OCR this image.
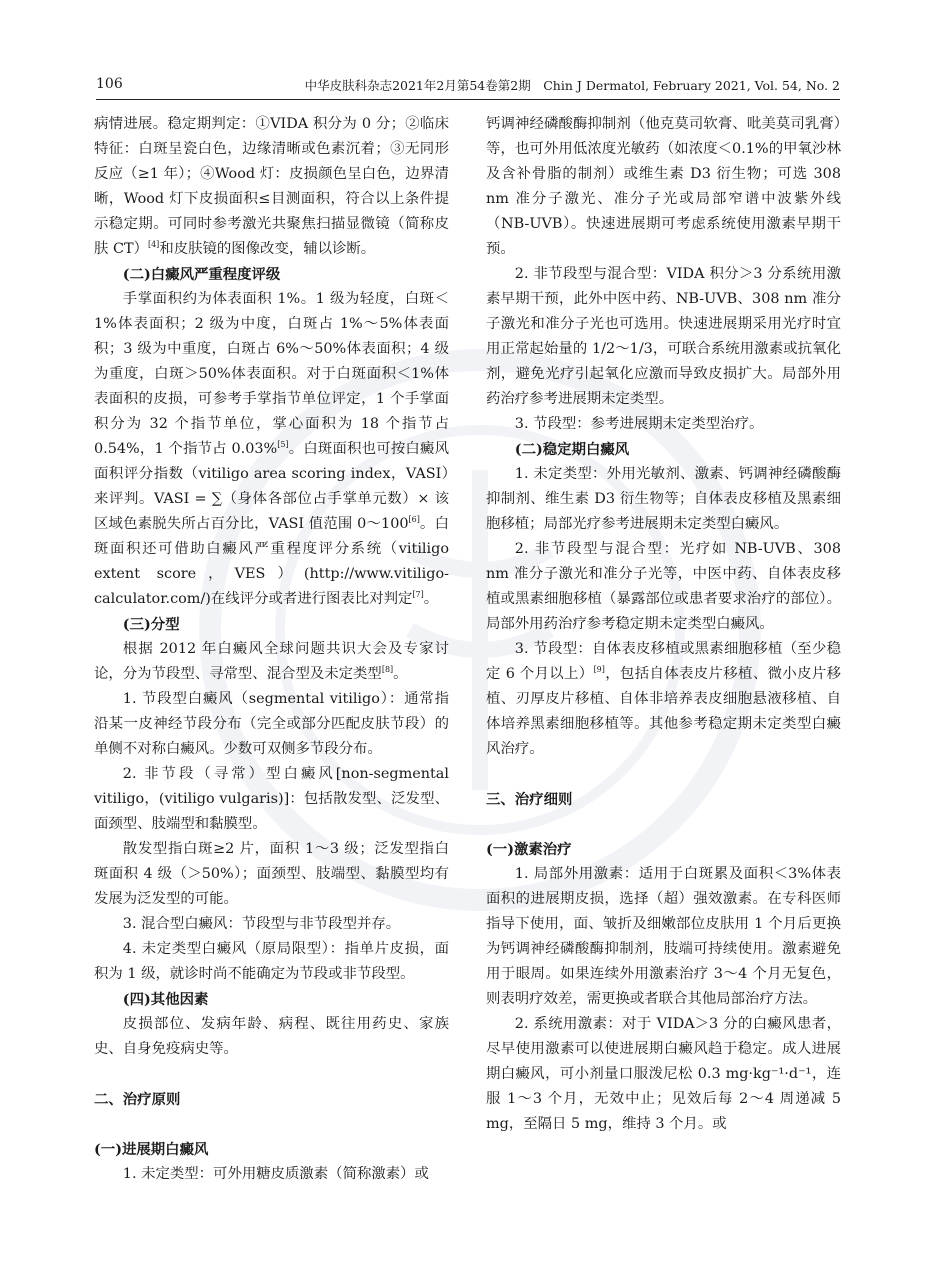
106	中华皮肤科杂志2021年2月第54卷第2期　Chin J Dermatol, February 2021, Vol. 54, No. 2

病情进展。稳定期判定：①VIDA 积分为 0 分；②临床特征：白斑呈瓷白色，边缘清晰或色素沉着；③无同形反应（≥1 年）；④Wood 灯：皮损颜色呈白色，边界清晰，Wood 灯下皮损面积≤目测面积，符合以上条件提示稳定期。可同时参考激光共聚焦扫描显微镜（简称皮肤 CT）[4]和皮肤镜的图像改变，辅以诊断。

(二)白癜风严重程度评级

手掌面积约为体表面积 1%。1 级为轻度，白斑＜1%体表面积；2 级为中度，白斑占 1%～5%体表面积；3 级为中重度，白斑占 6%～50%体表面积；4 级为重度，白斑＞50%体表面积。对于白斑面积＜1%体表面积的皮损，可参考手掌指节单位评定，1 个手掌面积分为 32 个指节单位，掌心面积为 18 个指节占 0.54%，1 个指节占 0.03%[5]。白斑面积也可按白癜风面积评分指数（vitiligo area scoring index，VASI）来评判。VASI = ∑（身体各部位占手掌单元数）× 该区域色素脱失所占百分比，VASI 值范围 0～100[6]。白斑面积还可借助白癜风严重程度评分系统（vitiligo extent score，VES）(http://www.vitiligo-calculator.com/)在线评分或者进行图表比对判定[7]。

(三)分型

根据 2012 年白癜风全球问题共识大会及专家讨论，分为节段型、寻常型、混合型及未定类型[8]。

1. 节段型白癜风（segmental vitiligo）：通常指沿某一皮神经节段分布（完全或部分匹配皮肤节段）的单侧不对称白癜风。少数可双侧多节段分布。

2. 非节段（寻常）型白癜风[non-segmental vitiligo，(vitiligo vulgaris)]：包括散发型、泛发型、面颈型、肢端型和黏膜型。

散发型指白斑≥2 片，面积 1～3 级；泛发型指白斑面积 4 级（＞50%）；面颈型、肢端型、黏膜型均有发展为泛发型的可能。

3. 混合型白癜风：节段型与非节段型并存。

4. 未定类型白癜风（原局限型）：指单片皮损，面积为 1 级，就诊时尚不能确定为节段或非节段型。

(四)其他因素

皮损部位、发病年龄、病程、既往用药史、家族史、自身免疫病史等。

二、治疗原则
(一)进展期白癜风

1. 未定类型：可外用糖皮质激素（简称激素）或

钙调神经磷酸酶抑制剂（他克莫司软膏、吡美莫司乳膏）等，也可外用低浓度光敏药（如浓度＜0.1%的甲氧沙林及含补骨脂的制剂）或维生素 D3 衍生物；可选 308 nm 准分子激光、准分子光或局部窄谱中波紫外线（NB-UVB）。快速进展期可考虑系统使用激素早期干预。

2. 非节段型与混合型：VIDA 积分＞3 分系统用激素早期干预，此外中医中药、NB-UVB、308 nm 准分子激光和准分子光也可选用。快速进展期采用光疗时宜用正常起始量的 1/2～1/3，可联合系统用激素或抗氧化剂，避免光疗引起氧化应激而导致皮损扩大。局部外用药治疗参考进展期未定类型。

3. 节段型：参考进展期未定类型治疗。

(二)稳定期白癜风

1. 未定类型：外用光敏剂、激素、钙调神经磷酸酶抑制剂、维生素 D3 衍生物等；自体表皮移植及黑素细胞移植；局部光疗参考进展期未定类型白癜风。

2. 非节段型与混合型：光疗如 NB-UVB、308 nm 准分子激光和准分子光等，中医中药、自体表皮移植或黑素细胞移植（暴露部位或患者要求治疗的部位）。局部外用药治疗参考稳定期未定类型白癜风。

3. 节段型：自体表皮移植或黑素细胞移植（至少稳定 6 个月以上）[9]，包括自体表皮片移植、微小皮片移植、刃厚皮片移植、自体非培养表皮细胞悬液移植、自体培养黑素细胞移植等。其他参考稳定期未定类型白癜风治疗。

三、治疗细则
(一)激素治疗

1. 局部外用激素：适用于白斑累及面积＜3%体表面积的进展期皮损，选择（超）强效激素。在专科医师指导下使用，面、皱折及细嫩部位皮肤用 1 个月后更换为钙调神经磷酸酶抑制剂，肢端可持续使用。激素避免用于眼周。如果连续外用激素治疗 3～4 个月无复色，则表明疗效差，需更换或者联合其他局部治疗方法。

2. 系统用激素：对于 VIDA＞3 分的白癜风患者，尽早使用激素可以使进展期白癜风趋于稳定。成人进展期白癜风，可小剂量口服泼尼松 0.3 mg·kg⁻¹·d⁻¹，连服 1～3 个月，无效中止；见效后每 2～4 周递减 5 mg，至隔日 5 mg，维持 3 个月。或
